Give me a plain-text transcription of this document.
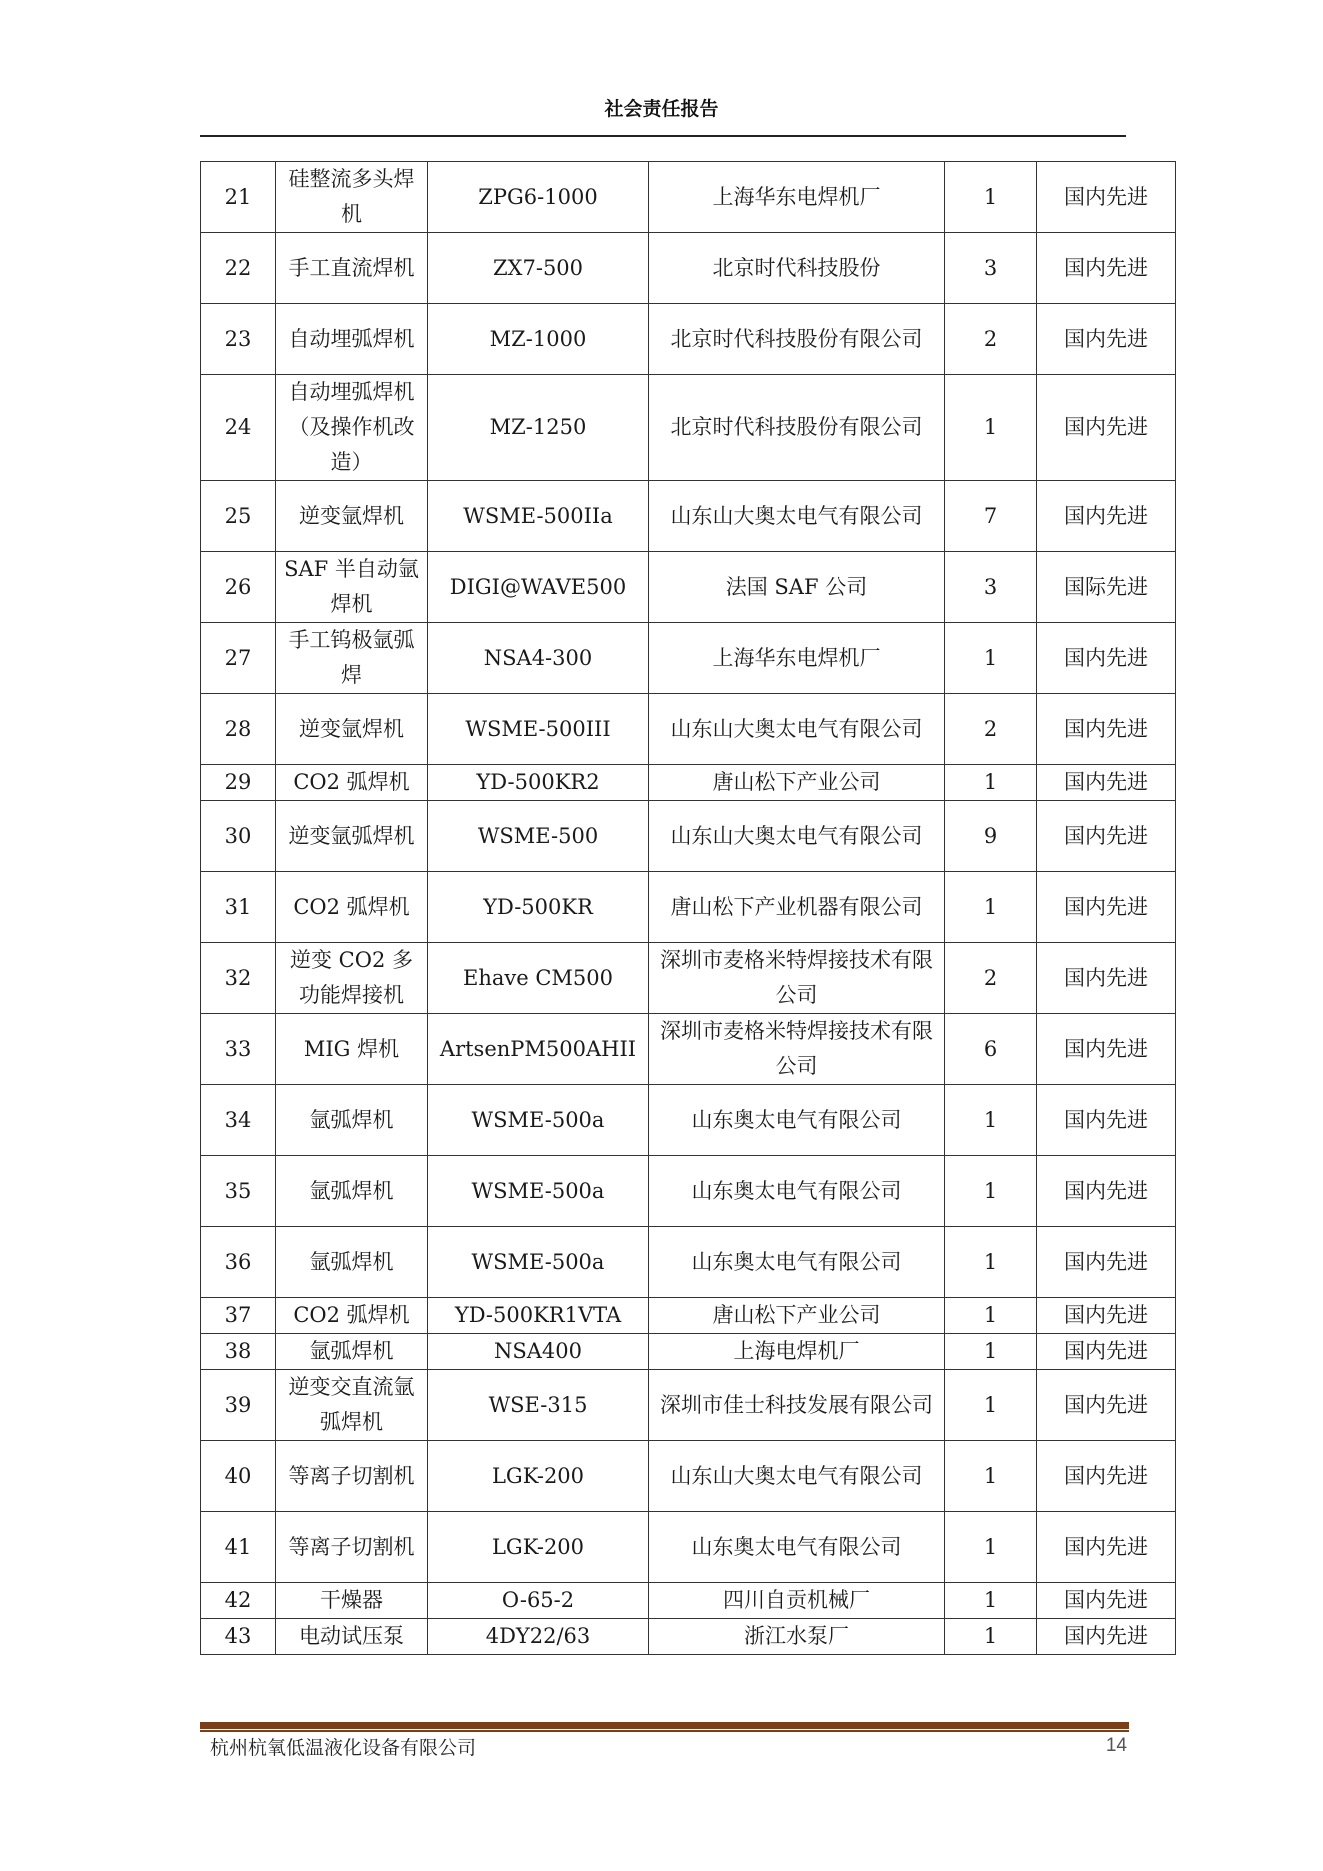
社会责任报告
21	硅整流多头焊机	ZPG6-1000	上海华东电焊机厂	1	国内先进
22	手工直流焊机	ZX7-500	北京时代科技股份	3	国内先进
23	自动埋弧焊机	MZ-1000	北京时代科技股份有限公司	2	国内先进
24	自动埋弧焊机（及操作机改造）	MZ-1250	北京时代科技股份有限公司	1	国内先进
25	逆变氩焊机	WSME-500IIa	山东山大奥太电气有限公司	7	国内先进
26	SAF 半自动氩焊机	DIGI@WAVE500	法国 SAF 公司	3	国际先进
27	手工钨极氩弧焊	NSA4-300	上海华东电焊机厂	1	国内先进
28	逆变氩焊机	WSME-500III	山东山大奥太电气有限公司	2	国内先进
29	CO2 弧焊机	YD-500KR2	唐山松下产业公司	1	国内先进
30	逆变氩弧焊机	WSME-500	山东山大奥太电气有限公司	9	国内先进
31	CO2 弧焊机	YD-500KR	唐山松下产业机器有限公司	1	国内先进
32	逆变 CO2 多功能焊接机	Ehave CM500	深圳市麦格米特焊接技术有限公司	2	国内先进
33	MIG 焊机	ArtsenPM500AHII	深圳市麦格米特焊接技术有限公司	6	国内先进
34	氩弧焊机	WSME-500a	山东奥太电气有限公司	1	国内先进
35	氩弧焊机	WSME-500a	山东奥太电气有限公司	1	国内先进
36	氩弧焊机	WSME-500a	山东奥太电气有限公司	1	国内先进
37	CO2 弧焊机	YD-500KR1VTA	唐山松下产业公司	1	国内先进
38	氩弧焊机	NSA400	上海电焊机厂	1	国内先进
39	逆变交直流氩弧焊机	WSE-315	深圳市佳士科技发展有限公司	1	国内先进
40	等离子切割机	LGK-200	山东山大奥太电气有限公司	1	国内先进
41	等离子切割机	LGK-200	山东奥太电气有限公司	1	国内先进
42	干燥器	O-65-2	四川自贡机械厂	1	国内先进
43	电动试压泵	4DY22/63	浙江水泵厂	1	国内先进
杭州杭氧低温液化设备有限公司	14
